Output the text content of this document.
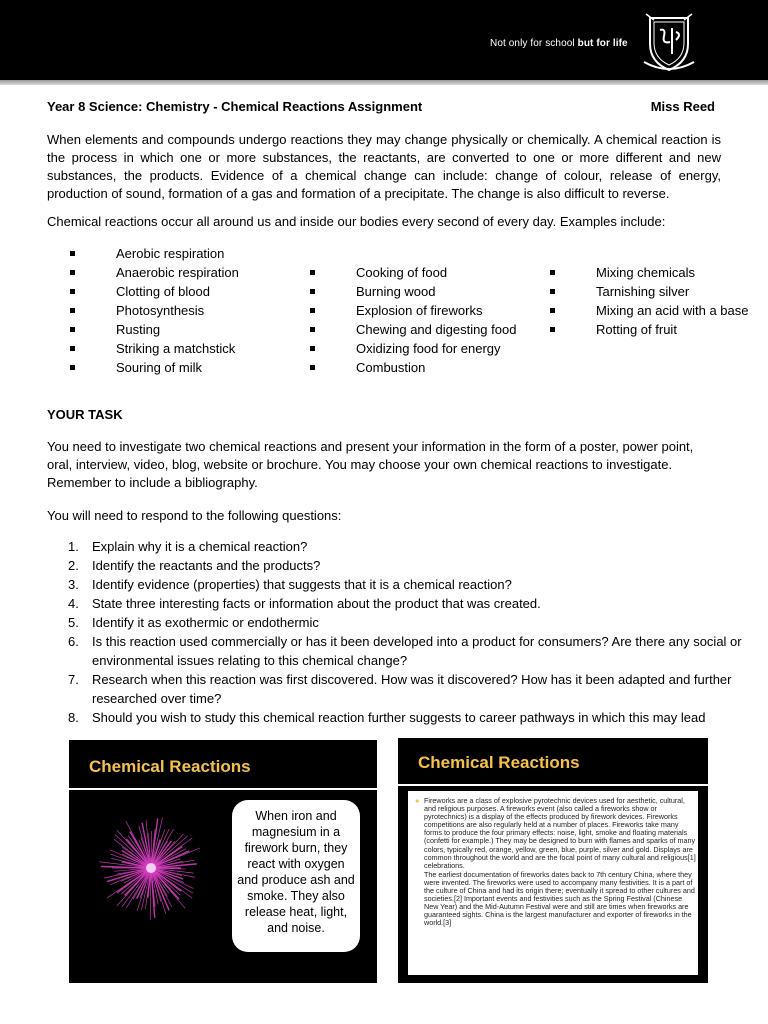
Not only for school but for life
Year 8 Science: Chemistry - Chemical Reactions Assignment	Miss Reed
When elements and compounds undergo reactions they may change physically or chemically. A chemical reaction is the process in which one or more substances, the reactants, are converted to one or more different and new substances, the products. Evidence of a chemical change can include: change of colour, release of energy, production of sound, formation of a gas and formation of a precipitate. The change is also difficult to reverse.
Chemical reactions occur all around us and inside our bodies every second of every day. Examples include:
Aerobic respiration
Anaerobic respiration
Clotting of blood
Photosynthesis
Rusting
Striking a matchstick
Souring of milk
Cooking of food
Burning wood
Explosion of fireworks
Chewing and digesting food
Oxidizing food for energy
Combustion
Mixing chemicals
Tarnishing silver
Mixing an acid with a base
Rotting of fruit
YOUR TASK
You need to investigate two chemical reactions and present your information in the form of a poster, power point, oral, interview, video, blog, website or brochure. You may choose your own chemical reactions to investigate. Remember to include a bibliography.
You will need to respond to the following questions:
1. Explain why it is a chemical reaction?
2. Identify the reactants and the products?
3. Identify evidence (properties) that suggests that it is a chemical reaction?
4. State three interesting facts or information about the product that was created.
5. Identify it as exothermic or endothermic
6. Is this reaction used commercially or has it been developed into a product for consumers? Are there any social or environmental issues relating to this chemical change?
7. Research when this reaction was first discovered. How was it discovered? How has it been adapted and further researched over time?
8. Should you wish to study this chemical reaction further suggests to career pathways in which this may lead
Chemical Reactions
When iron and magnesium in a firework burn, they react with oxygen and produce ash and smoke. They also release heat, light, and noise.
Chemical Reactions
● Fireworks are a class of explosive pyrotechnic devices used for aesthetic, cultural, and religious purposes. A fireworks event (also called a fireworks show or pyrotechnics) is a display of the effects produced by firework devices. Fireworks competitions are also regularly held at a number of places. Fireworks take many forms to produce the four primary effects: noise, light, smoke and floating materials (confetti for example.) They may be designed to burn with flames and sparks of many colors, typically red, orange, yellow, green, blue, purple, silver and gold. Displays are common throughout the world and are the focal point of many cultural and religious[1] celebrations.
The earliest documentation of fireworks dates back to 7th century China, where they were invented. The fireworks were used to accompany many festivities. It is a part of the culture of China and had its origin there; eventually it spread to other cultures and societies.[2] Important events and festivities such as the Spring Festival (Chinese New Year) and the Mid-Autumn Festival were and still are times when fireworks are guaranteed sights. China is the largest manufacturer and exporter of fireworks in the world.[3]
